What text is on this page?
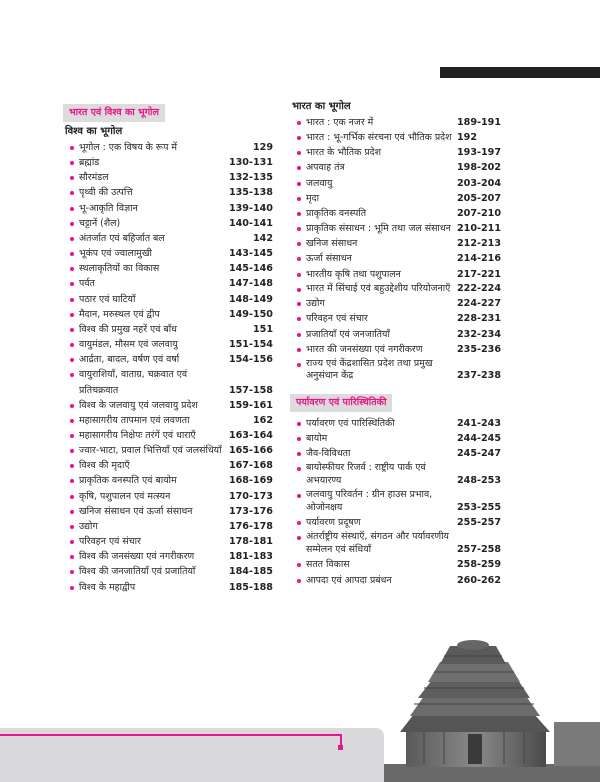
भारत एवं विश्व का भूगोल
विश्व का भूगोल
भूगोल : एक विषय के रूप में	129
ब्रह्मांड	130-131
सौरमंडल	132-135
पृथ्वी की उत्पत्ति	135-138
भू-आकृति विज्ञान	139-140
चट्टानें (शैल)	140-141
अंतर्जात एवं बहिर्जात बल	142
भूकंप एवं ज्वालामुखी	143-145
स्थलाकृतियों का विकास	145-146
पर्वत	147-148
पठार एवं घाटियाँ	148-149
मैदान, मरुस्थल एवं द्वीप	149-150
विश्व की प्रमुख नहरें एवं बाँध	151
वायुमंडल, मौसम एवं जलवायु	151-154
आर्द्रता, बादल, वर्षण एवं वर्षा	154-156
वायुराशियाँ, वाताग्र, चक्रवात एवं प्रतिचक्रवात	157-158
विश्व के जलवायु एवं जलवायु प्रदेश	159-161
महासागरीय तापमान एवं लवणता	162
महासागरीय निक्षेपः तरंगें एवं धाराएँ	163-164
ज्वार-भाटा, प्रवाल भित्तियाँ एवं जलसंधियाँ 165-166
विश्व की मृदाएँ	167-168
प्राकृतिक वनस्पति एवं बायोम	168-169
कृषि, पशुपालन एवं मत्स्यन	170-173
खनिज संसाधन एवं ऊर्जा संसाधन	173-176
उद्योग	176-178
परिवहन एवं संचार	178-181
विश्व की जनसंख्या एवं नगरीकरण	181-183
विश्व की जनजातियाँ एवं प्रजातियाँ	184-185
विश्व के महाद्वीप	185-188
भारत का भूगोल
भारत : एक नजर में	189-191
भारत : भू-गर्भिक संरचना एवं भौतिक प्रदेश 192
भारत के भौतिक प्रदेश	193-197
अपवाह तंत्र	198-202
जलवायु	203-204
मृदा	205-207
प्राकृतिक वनस्पति	207-210
प्राकृतिक संसाधन : भूमि तथा जल संसाधन 210-211
खनिज संसाधन	212-213
ऊर्जा संसाधन	214-216
भारतीय कृषि तथा पशुपालन	217-221
भारत में सिंचाई एवं बहुउद्देशीय परियोजनाएँ 222-224
उद्योग	224-227
परिवहन एवं संचार	228-231
प्रजातियाँ एवं जनजातियाँ	232-234
भारत की जनसंख्या एवं नगरीकरण	235-236
राज्य एवं केंद्रशासित प्रदेश तथा प्रमुख अनुसंधान केंद्र	237-238
पर्यावरण एवं पारिस्थितिकी
पर्यावरण एवं पारिस्थितिकी	241-243
बायोम	244-245
जैव-विविधता	245-247
बायोस्फीयर रिजर्व : राष्ट्रीय पार्क एवं अभयारण्य	248-253
जलवायु परिवर्तन : ग्रीन हाउस प्रभाव, ओजोनक्षय	253-255
पर्यावरण प्रदूषण	255-257
अंतर्राष्ट्रीय संस्थाएँ, संगठन और पर्यावरणीय सम्मेलन एवं संधियाँ	257-258
सतत विकास	258-259
आपदा एवं आपदा प्रबंधन	260-262
